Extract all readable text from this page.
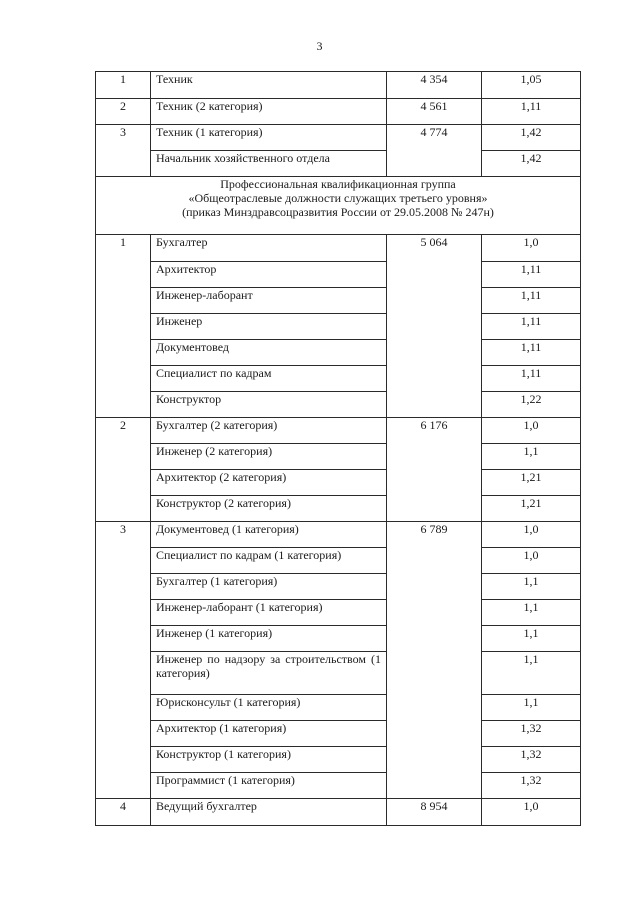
3
1	Техник	4 354	1,05
2	Техник (2 категория)	4 561	1,11
3	Техник (1 категория)	4 774	1,42
	Начальник хозяйственного отдела		1,42

Профессиональная квалификационная группа
«Общеотраслевые должности служащих третьего уровня»
(приказ Минздравсоцразвития России от 29.05.2008 № 247н)			

1	Бухгалтер	5 064	1,0
	Архитектор		1,11
	Инженер-лаборант		1,11
	Инженер		1,11
	Документовед		1,11
	Специалист по кадрам		1,11
	Конструктор		1,22
2	Бухгалтер (2 категория)	6 176	1,0
	Инженер (2 категория)		1,1
	Архитектор (2 категория)		1,21
	Конструктор (2 категория)		1,21
3	Документовед (1 категория)	6 789	1,0
	Специалист по кадрам (1 категория)		1,0
	Бухгалтер (1 категория)		1,1
	Инженер-лаборант (1 категория)		1,1
	Инженер (1 категория)		1,1
	Инженер по надзору за строительством (1 категория)		1,1
	Юрисконсульт (1 категория)		1,1
	Архитектор (1 категория)		1,32
	Конструктор (1 категория)		1,32
	Программист (1 категория)		1,32
4	Ведущий бухгалтер	8 954	1,0
